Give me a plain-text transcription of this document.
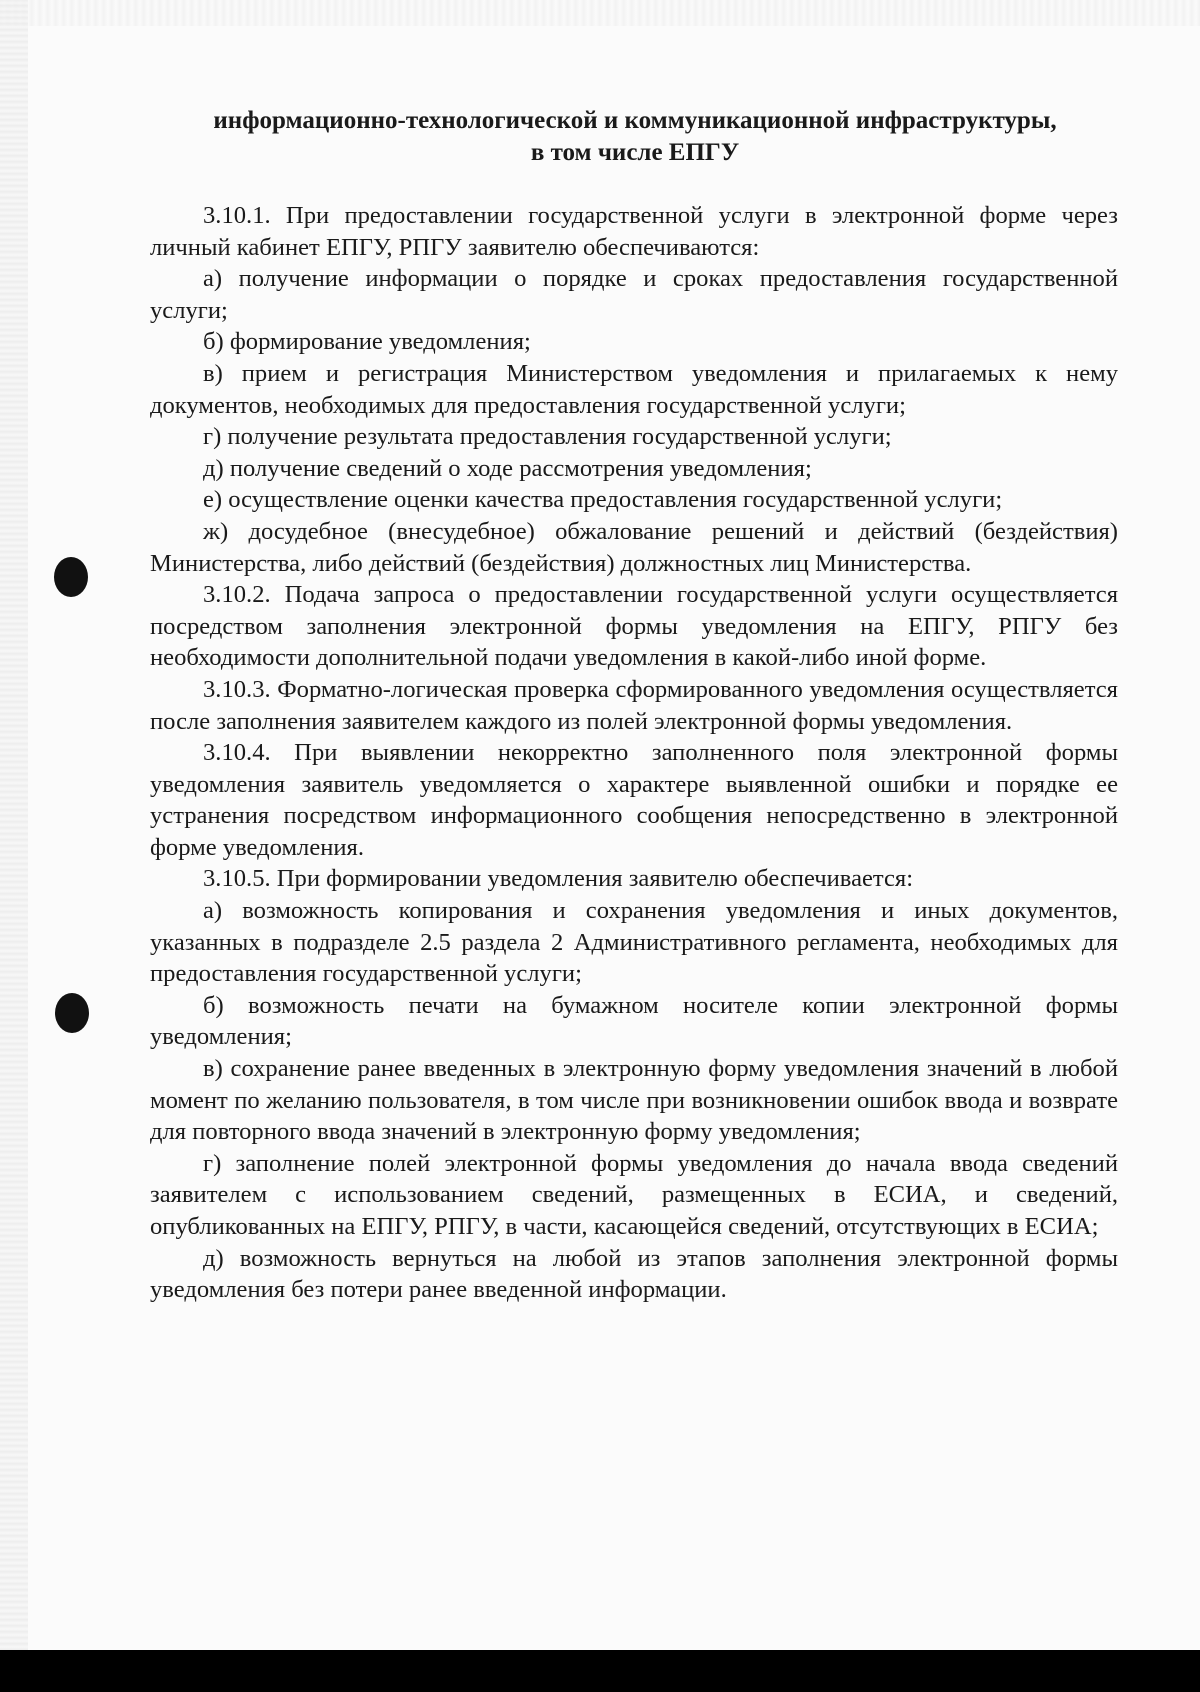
информационно-технологической и коммуникационной инфраструктуры,
в том числе ЕПГУ

3.10.1. При предоставлении государственной услуги в электронной форме через личный кабинет ЕПГУ, РПГУ заявителю обеспечиваются:

а) получение информации о порядке и сроках предоставления государственной услуги;

б) формирование уведомления;

в) прием и регистрация Министерством уведомления и прилагаемых к нему документов, необходимых для предоставления государственной услуги;

г) получение результата предоставления государственной услуги;

д) получение сведений о ходе рассмотрения уведомления;

е) осуществление оценки качества предоставления государственной услуги;

ж) досудебное (внесудебное) обжалование решений и действий (бездействия) Министерства, либо действий (бездействия) должностных лиц Министерства.

3.10.2. Подача запроса о предоставлении государственной услуги осуществляется посредством заполнения электронной формы уведомления на ЕПГУ, РПГУ без необходимости дополнительной подачи уведомления в какой-либо иной форме.

3.10.3. Форматно-логическая проверка сформированного уведомления осуществляется после заполнения заявителем каждого из полей электронной формы уведомления.

3.10.4. При выявлении некорректно заполненного поля электронной формы уведомления заявитель уведомляется о характере выявленной ошибки и порядке ее устранения посредством информационного сообщения непосредственно в электронной форме уведомления.

3.10.5. При формировании уведомления заявителю обеспечивается:

а) возможность копирования и сохранения уведомления и иных документов, указанных в подразделе 2.5 раздела 2 Административного регламента, необходимых для предоставления государственной услуги;

б) возможность печати на бумажном носителе копии электронной формы уведомления;

в) сохранение ранее введенных в электронную форму уведомления значений в любой момент по желанию пользователя, в том числе при возникновении ошибок ввода и возврате для повторного ввода значений в электронную форму уведомления;

г) заполнение полей электронной формы уведомления до начала ввода сведений заявителем с использованием сведений, размещенных в ЕСИА, и сведений, опубликованных на ЕПГУ, РПГУ, в части, касающейся сведений, отсутствующих в ЕСИА;

д) возможность вернуться на любой из этапов заполнения электронной формы уведомления без потери ранее введенной информации.
